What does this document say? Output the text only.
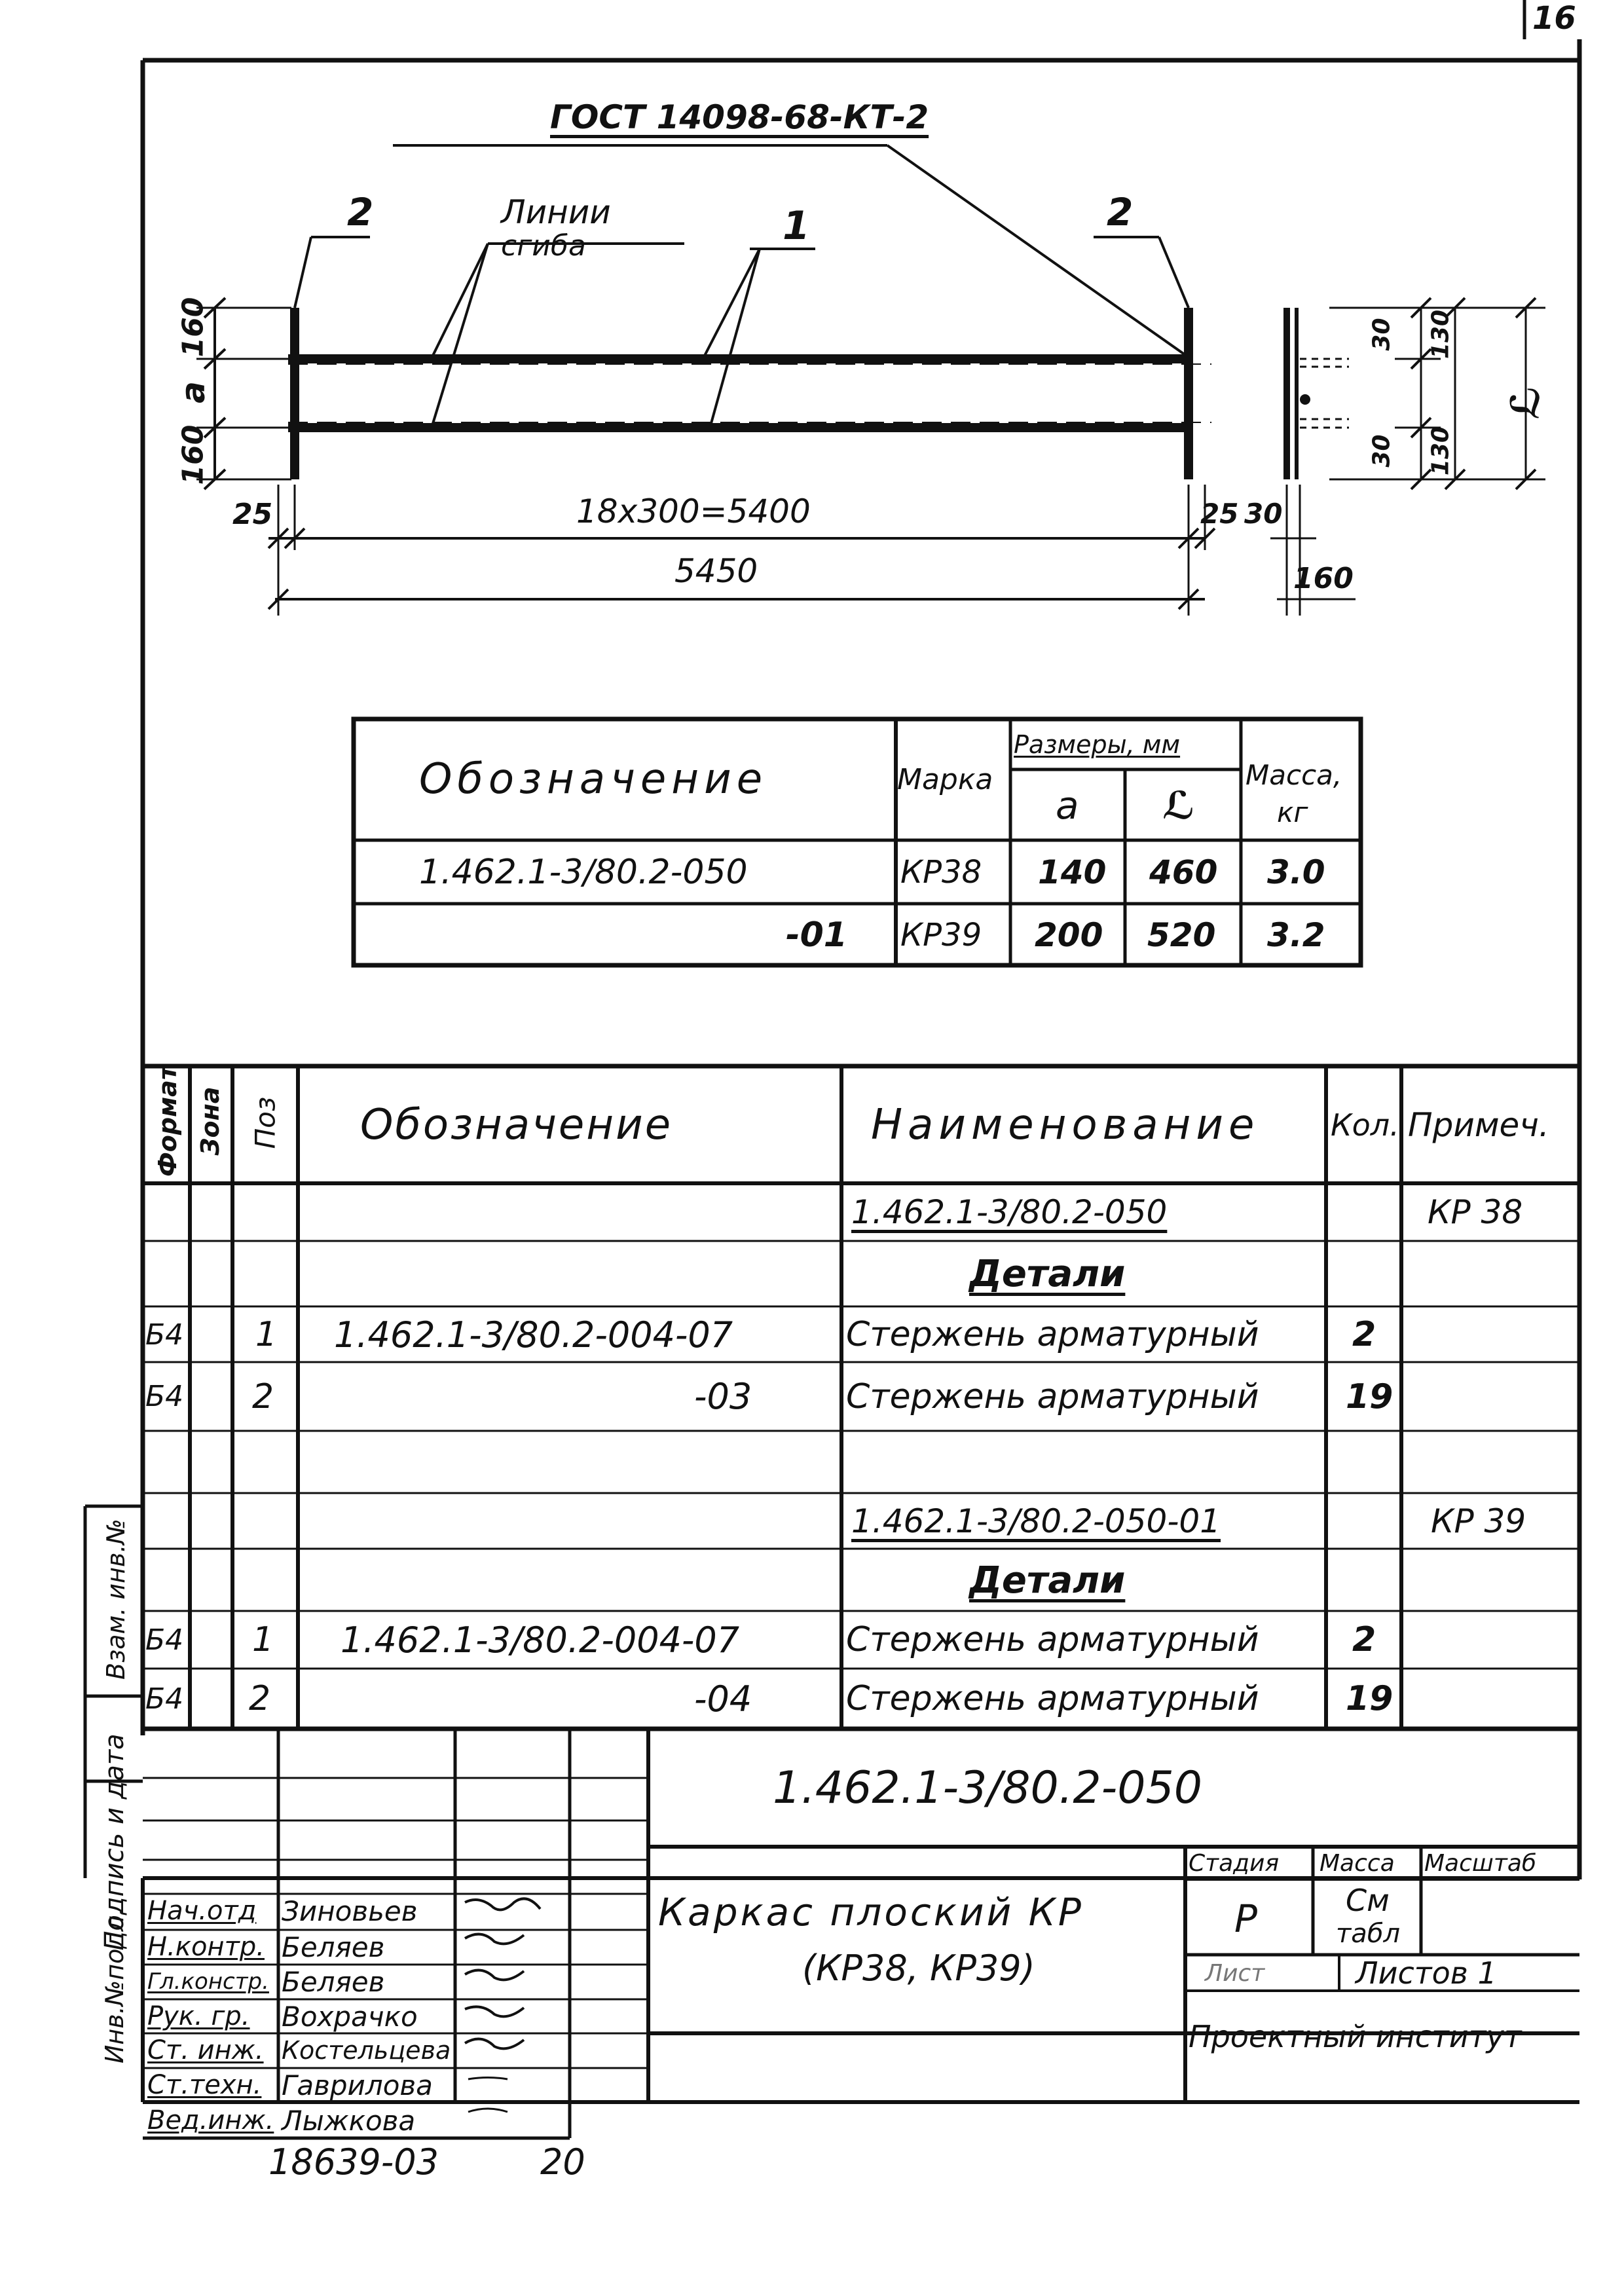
16
ГОСТ 14098-68-КТ-2
2	Линии
сгиба	1	2
160
a
160
25	18x300=5400	25 30
5450	160
30 130
30 130
ℒ
Обозначение	Марка
Размеры, мм
a ℒ
Масса,
кг
1.462.1-3/80.2-050	КР38 140 460 3.0
-01 КР39 200 520 3.2
Формат Зона Поз Обозначение	Наименование Кол. Примеч.
1.462.1-3/80.2-050	КР 38
Детали
Б4 1 1.462.1-3/80.2-004-07	Стержень арматурный	2
Б4 2	-03	Стержень арматурный	19
1.462.1-3/80.2-050-01	КР 39
Детали
Б4 1 1.462.1-3/80.2-004-07	Стержень арматурный	2
Б4 2	-04	Стержень арматурный	19
1.462.1-3/80.2-050
Каркас плоский КР
(КР38, КР39)
Стадия Масса Масштаб
Р	См
табл
Лист	Листов 1
Проектный институт
Нач.отд Зиновьев
Н.контр. Беляев
Гл.констр. Беляев
Рук. гр. Вохрачко
Ст. инж. Костельцева
Ст.техн. Гаврилова
Вед.инж. Лыжкова
Инв.№подл.
Подпись и дата
Взам. инв.№
18639-03	20
